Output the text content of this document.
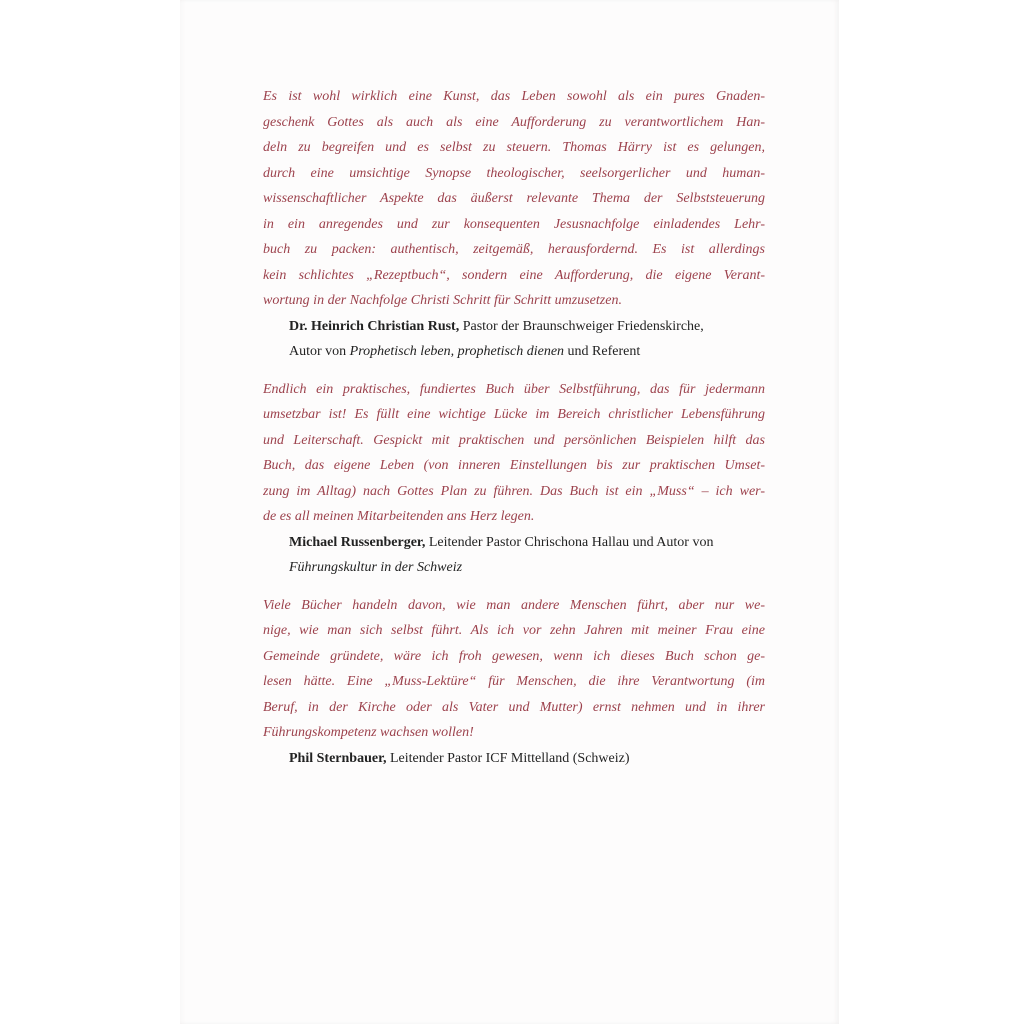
Es ist wohl wirklich eine Kunst, das Leben sowohl als ein pures Gnaden-
geschenk Gottes als auch als eine Aufforderung zu verantwortlichem Han-
deln zu begreifen und es selbst zu steuern. Thomas Härry ist es gelungen,
durch eine umsichtige Synopse theologischer, seelsorgerlicher und human-
wissenschaftlicher Aspekte das äußerst relevante Thema der Selbststeuerung
in ein anregendes und zur konsequenten Jesusnachfolge einladendes Lehr-
buch zu packen: authentisch, zeitgemäß, herausfordernd. Es ist allerdings
kein schlichtes „Rezeptbuch“, sondern eine Aufforderung, die eigene Verant-
wortung in der Nachfolge Christi Schritt für Schritt umzusetzen.
Dr. Heinrich Christian Rust, Pastor der Braunschweiger Friedenskirche,
Autor von Prophetisch leben, prophetisch dienen und Referent
Endlich ein praktisches, fundiertes Buch über Selbstführung, das für jedermann
umsetzbar ist! Es füllt eine wichtige Lücke im Bereich christlicher Lebensführung
und Leiterschaft. Gespickt mit praktischen und persönlichen Beispielen hilft das
Buch, das eigene Leben (von inneren Einstellungen bis zur praktischen Umset-
zung im Alltag) nach Gottes Plan zu führen. Das Buch ist ein „Muss“ – ich wer-
de es all meinen Mitarbeitenden ans Herz legen.
Michael Russenberger, Leitender Pastor Chrischona Hallau und Autor von
Führungskultur in der Schweiz
Viele Bücher handeln davon, wie man andere Menschen führt, aber nur we-
nige, wie man sich selbst führt. Als ich vor zehn Jahren mit meiner Frau eine
Gemeinde gründete, wäre ich froh gewesen, wenn ich dieses Buch schon ge-
lesen hätte. Eine „Muss-Lektüre“ für Menschen, die ihre Verantwortung (im
Beruf, in der Kirche oder als Vater und Mutter) ernst nehmen und in ihrer
Führungskompetenz wachsen wollen!
Phil Sternbauer, Leitender Pastor ICF Mittelland (Schweiz)
